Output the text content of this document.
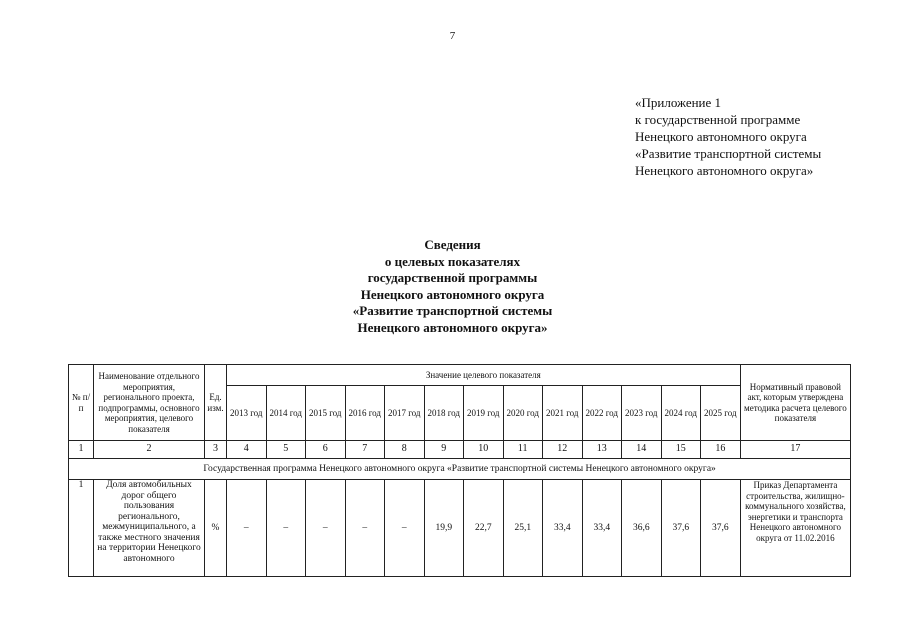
7
«Приложение 1
к государственной программе
Ненецкого автономного округа
«Развитие транспортной системы
Ненецкого автономного округа»
Сведения
о целевых показателях
государственной программы
Ненецкого автономного округа
«Развитие транспортной системы
Ненецкого автономного округа»
№ п/п	Наименование отдельного мероприятия, регионального проекта, подпрограммы, основного мероприятия, целевого показателя	Ед. изм.	Значение целевого показателя													Нормативный правовой акт, которым утверждена методика расчета целевого показателя
			2013 год	2014 год	2015 год	2016 год	2017 год	2018 год	2019 год	2020 год	2021 год	2022 год	2023 год	2024 год	2025 год	
1	2	3	4	5	6	7	8	9	10	11	12	13	14	15	16	17
Государственная программа Ненецкого автономного округа «Развитие транспортной системы Ненецкого автономного округа»																
1	Доля автомобильных дорог общего пользования регионального, межмуниципального, а также местного значения на территории Ненецкого автономного	%	–	–	–	–	–	19,9	22,7	25,1	33,4	33,4	36,6	37,6	37,6	Приказ Департамента строительства, жилищно-коммунального хозяйства, энергетики и транспорта Ненецкого автономного округа от 11.02.2016
